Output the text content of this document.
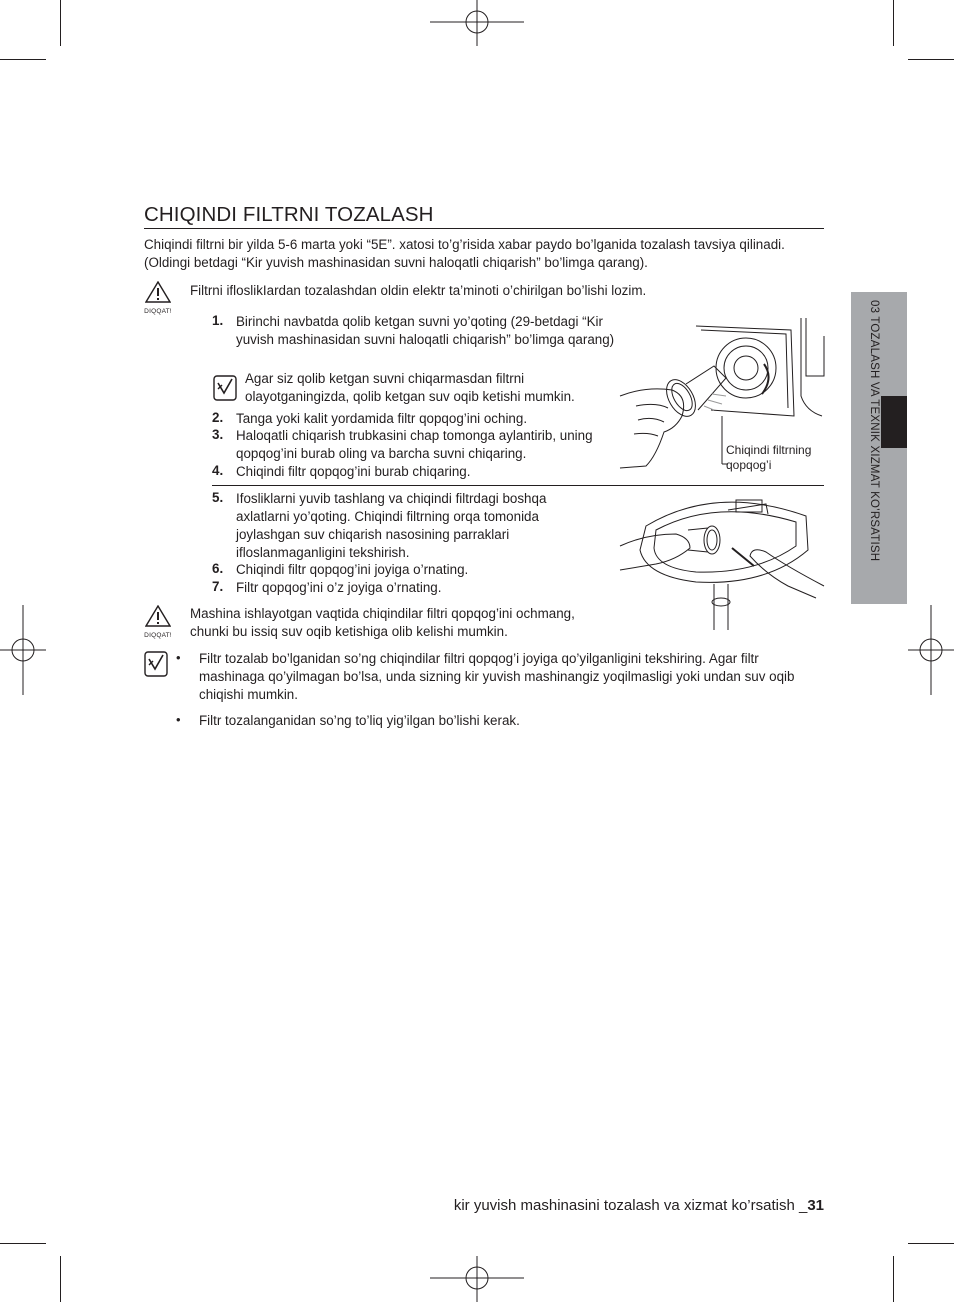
03 TOZALASH VA TEXNIK XIZMAT KO’RSATISH
CHIQINDI FILTRNI TOZALASH
Chiqindi filtrni bir yilda 5-6 marta yoki “5E”. xatosi to’g’risida xabar paydo bo’lganida tozalash tavsiya qilinadi. (Oldingi betdagi “Kir yuvish mashinasidan suvni haloqatli chiqarish” bo’limga qarang).
DIQQAT!
Filtrni ifloslikIardan tozalashdan oldin elektr ta’minoti o’chirilgan bo’lishi lozim.
1. Birinchi navbatda qolib ketgan suvni yo’qoting (29-betdagi “Kir yuvish mashinasidan suvni haloqatli chiqarish” bo’limga qarang)
Agar siz qolib ketgan suvni chiqarmasdan filtrni olayotganingizda, qolib ketgan suv oqib ketishi mumkin.
2. Tanga yoki kalit yordamida filtr qopqog’ini oching.
3. Haloqatli chiqarish trubkasini chap tomonga aylantirib, uning qopqog’ini burab oling va barcha suvni chiqaring.
4. Chiqindi filtr qopqog’ini burab chiqaring.
Chiqindi filtrning
qopqog’i
5. Ifosliklarni yuvib tashlang va chiqindi filtrdagi boshqa axlatlarni yo’qoting. Chiqindi filtrning orqa tomonida joylashgan suv chiqarish nasosining parraklari ifloslanmaganligini tekshirish.
6. Chiqindi filtr qopqog’ini joyiga o’rnating.
7. Filtr qopqog’ini o’z joyiga o’rnating.
DIQQAT!
Mashina ishlayotgan vaqtida chiqindilar filtri qopqog’ini ochmang, chunki bu issiq suv oqib ketishiga olib kelishi mumkin.
• Filtr tozalab bo’lganidan so’ng chiqindilar filtri qopqog’i joyiga qo’yilganligini tekshiring. Agar filtr mashinaga qo’yilmagan bo’lsa, unda sizning kir yuvish mashinangiz yoqilmasligi yoki undan suv oqib chiqishi mumkin.
• Filtr tozalanganidan so’ng to’liq yig’ilgan bo’lishi kerak.
kir yuvish mashinasini tozalash va xizmat ko’rsatish _31
